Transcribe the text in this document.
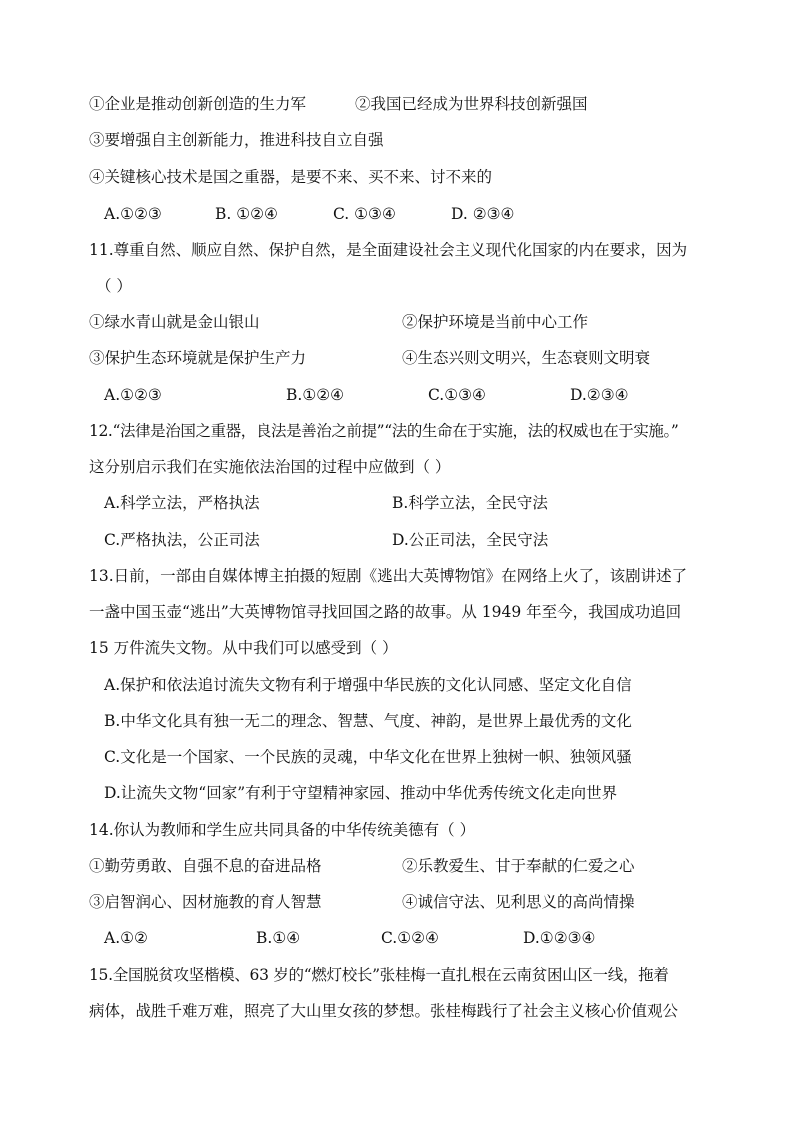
①企业是推动创新创造的生力军	②我国已经成为世界科技创新强国
③要增强自主创新能力，推进科技自立自强
④关键核心技术是国之重器，是要不来、买不来、讨不来的
A.①②③	B. ①②④	C. ①③④	D. ②③④
11.尊重自然、顺应自然、保护自然，是全面建设社会主义现代化国家的内在要求，因为
（ ）
①绿水青山就是金山银山	②保护环境是当前中心工作
③保护生态环境就是保护生产力	④生态兴则文明兴，生态衰则文明衰
A.①②③	B.①②④	C.①③④	D.②③④
12.“法律是治国之重器，良法是善治之前提”“法的生命在于实施，法的权威也在于实施。”
这分别启示我们在实施依法治国的过程中应做到（ ）
A.科学立法，严格执法	B.科学立法，全民守法
C.严格执法，公正司法	D.公正司法，全民守法
13.日前，一部由自媒体博主拍摄的短剧《逃出大英博物馆》在网络上火了，该剧讲述了
一盏中国玉壶“逃出”大英博物馆寻找回国之路的故事。从 1949 年至今，我国成功追回
15 万件流失文物。从中我们可以感受到（ ）
A.保护和依法追讨流失文物有利于增强中华民族的文化认同感、坚定文化自信
B.中华文化具有独一无二的理念、智慧、气度、神韵，是世界上最优秀的文化
C.文化是一个国家、一个民族的灵魂，中华文化在世界上独树一帜、独领风骚
D.让流失文物“回家”有利于守望精神家园、推动中华优秀传统文化走向世界
14.你认为教师和学生应共同具备的中华传统美德有（ ）
①勤劳勇敢、自强不息的奋进品格	②乐教爱生、甘于奉献的仁爱之心
③启智润心、因材施教的育人智慧	④诚信守法、见利思义的高尚情操
A.①②	B.①④	C.①②④	D.①②③④
15.全国脱贫攻坚楷模、63 岁的“燃灯校长”张桂梅一直扎根在云南贫困山区一线，拖着
病体，战胜千难万难，照亮了大山里女孩的梦想。张桂梅践行了社会主义核心价值观公
